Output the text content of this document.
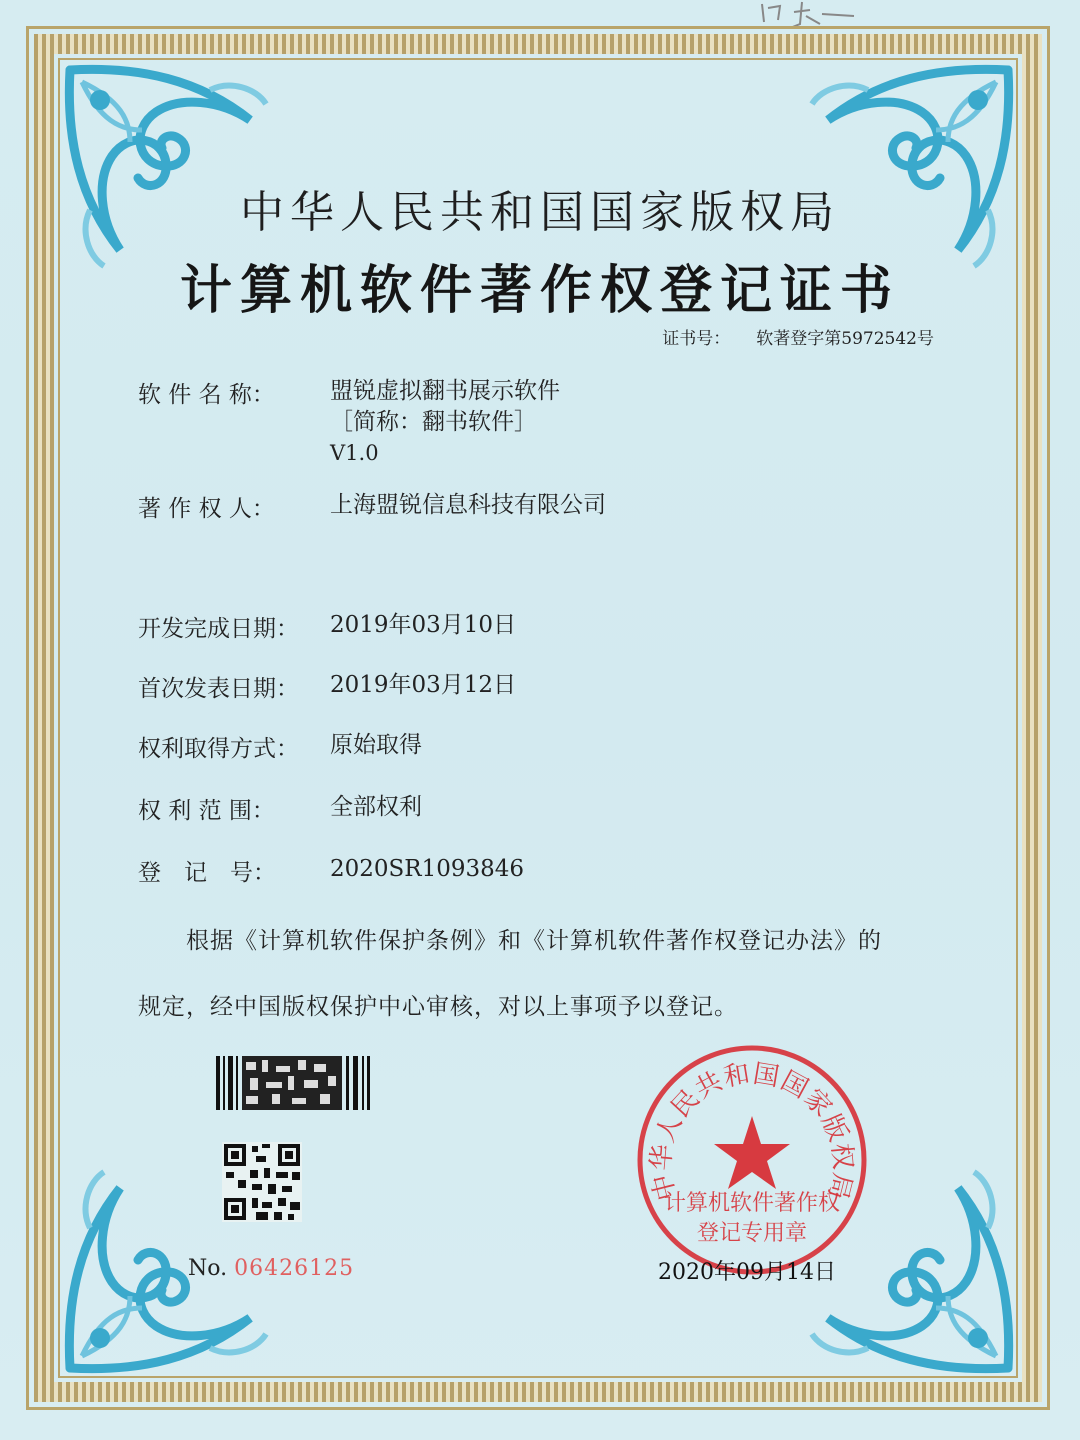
中华人民共和国国家版权局
计算机软件著作权登记证书
证书号： 软著登字第5972542号
软 件 名 称： 盟锐虚拟翻书展示软件
［简称：翻书软件］
V1.0
著 作 权 人： 上海盟锐信息科技有限公司
开发完成日期： 2019年03月10日
首次发表日期： 2019年03月12日
权利取得方式： 原始取得
权 利 范 围： 全部权利
登　记　号： 2020SR1093846
根据《计算机软件保护条例》和《计算机软件著作权登记办法》的
规定，经中国版权保护中心审核，对以上事项予以登记。
No. 06426125
中华人民共和国国家版权局
计算机软件著作权
登记专用章
2020年09月14日
